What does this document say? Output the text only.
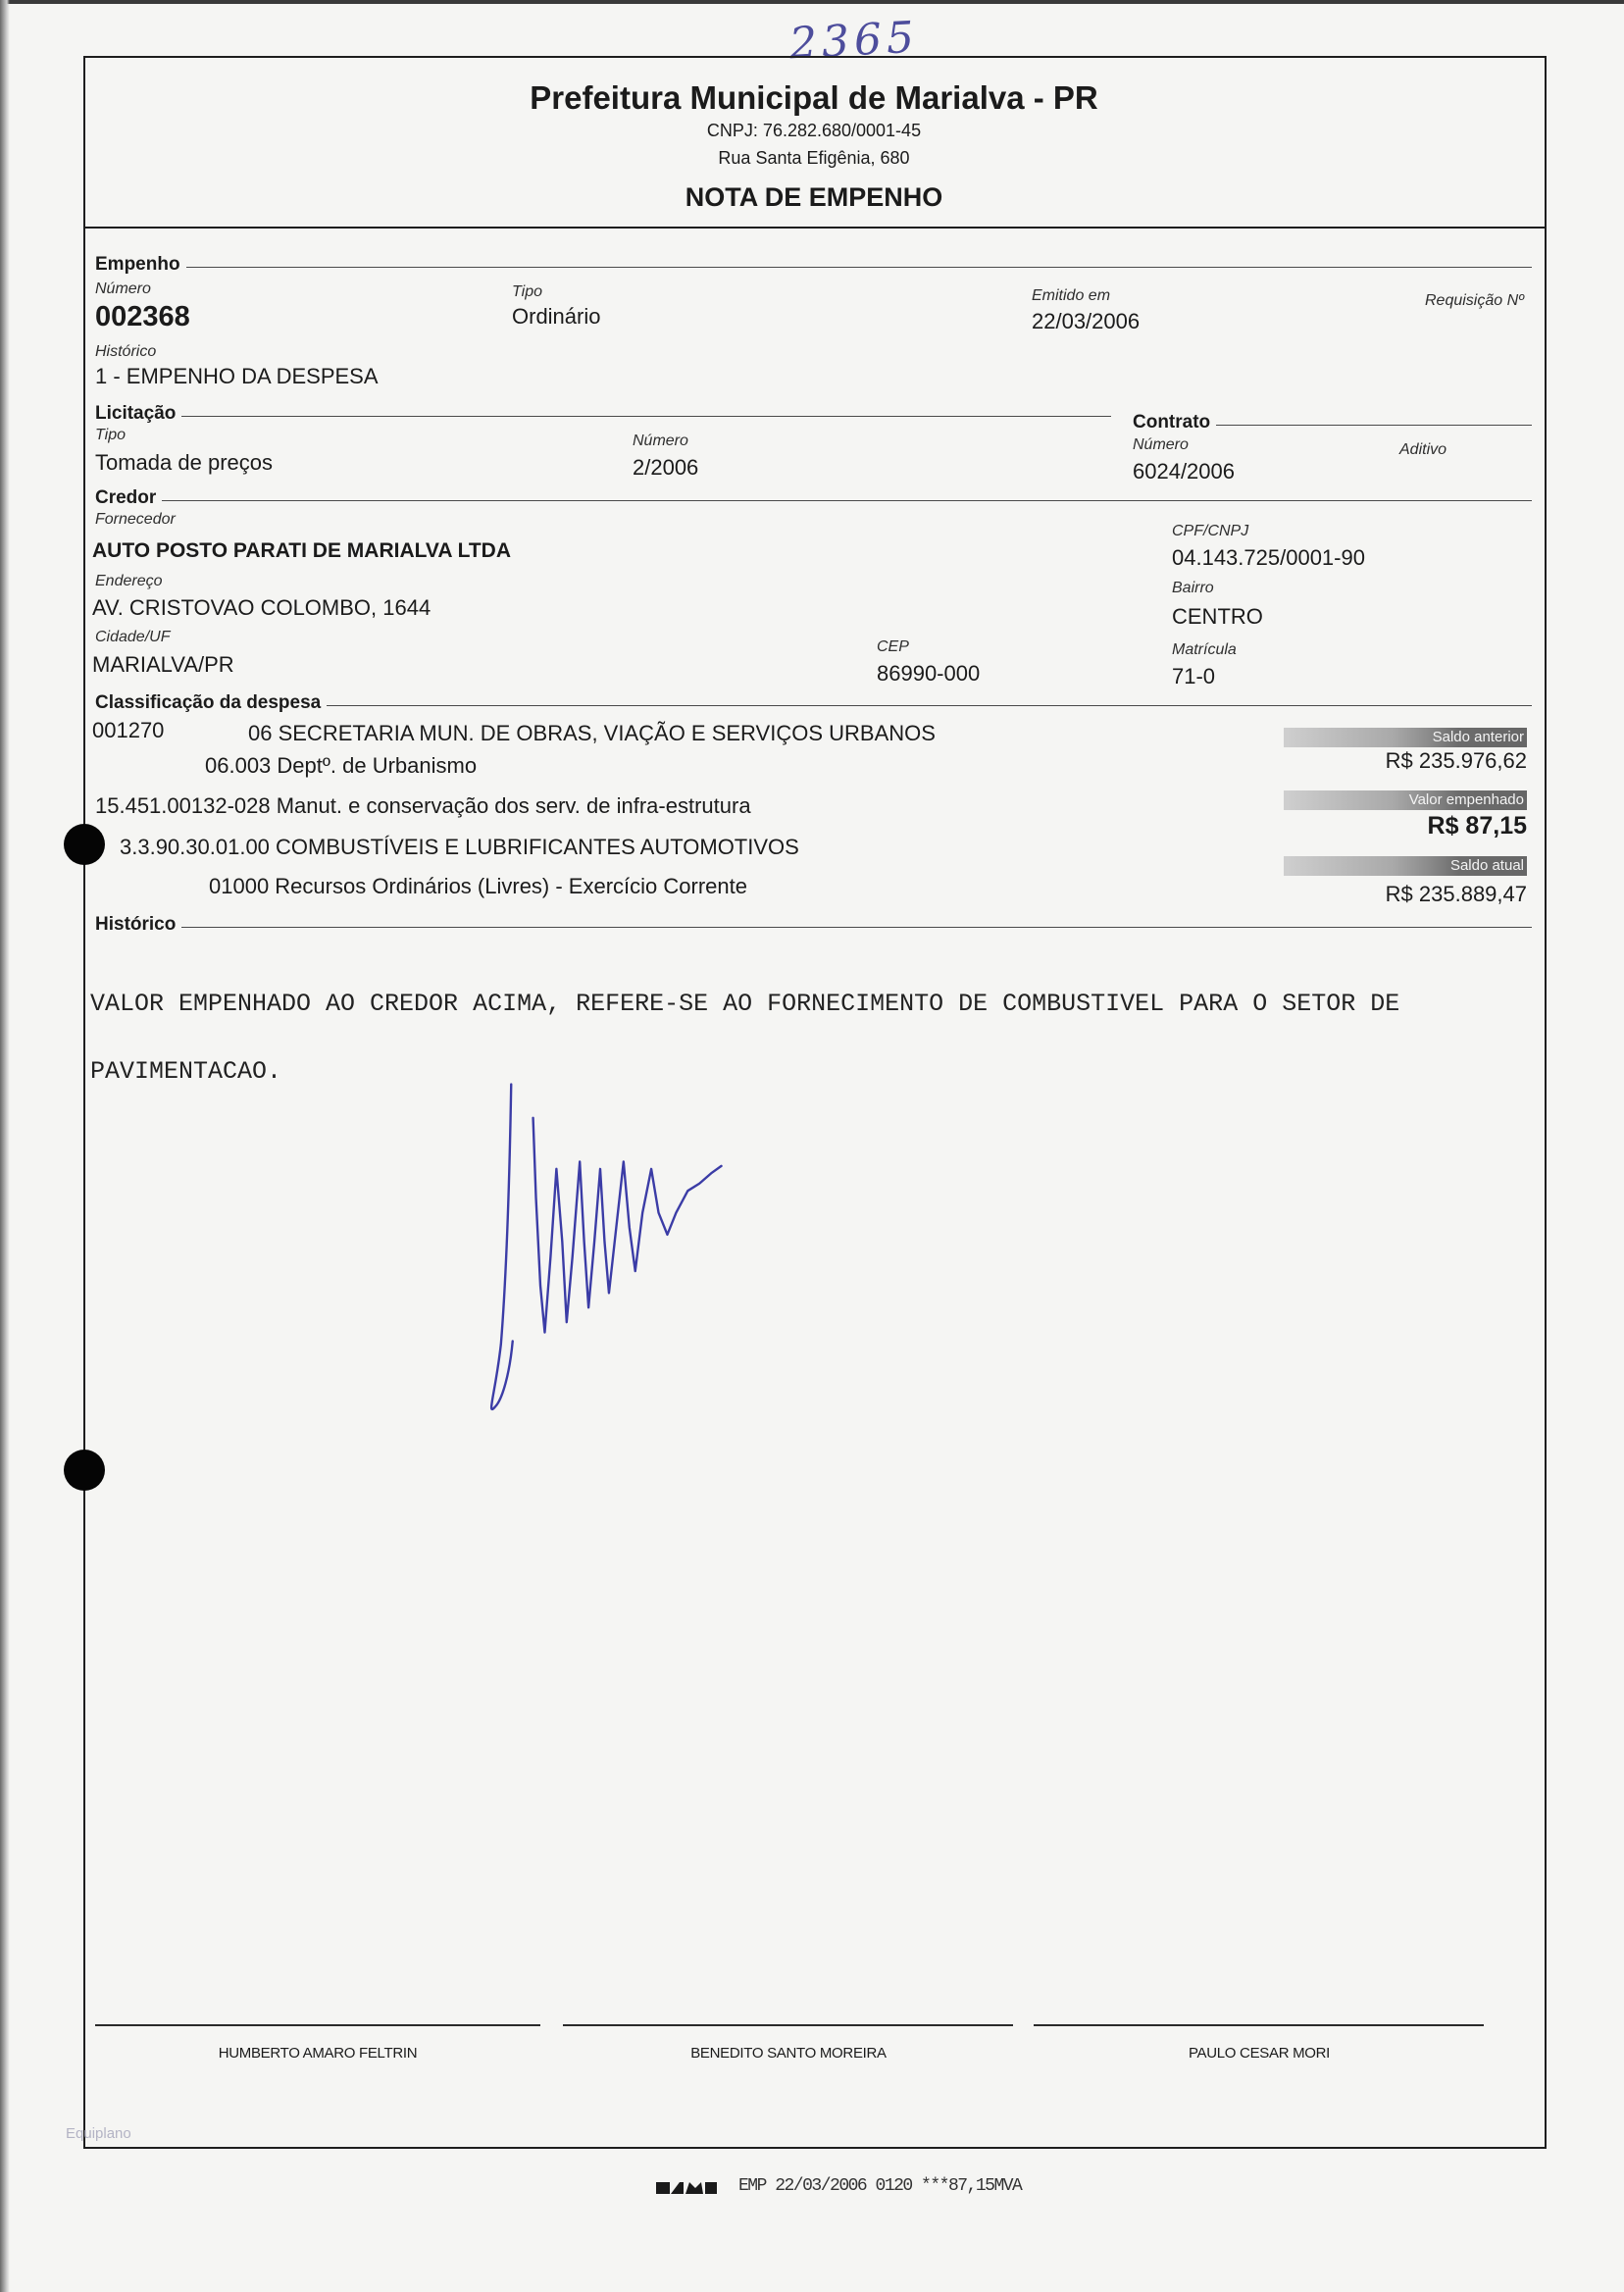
2365
Prefeitura Municipal de Marialva - PR
CNPJ: 76.282.680/0001-45
Rua Santa Efigênia, 680
NOTA DE EMPENHO
Empenho
Número
002368
Tipo
Ordinário
Emitido em
22/03/2006
Requisição Nº
Histórico
1 - EMPENHO DA DESPESA
Licitação	Contrato
Tipo
Tomada de preços
Número
2/2006
Número
6024/2006
Aditivo
Credor
Fornecedor
AUTO POSTO PARATI DE MARIALVA LTDA
CPF/CNPJ
04.143.725/0001-90
Endereço
AV. CRISTOVAO COLOMBO, 1644
Bairro
CENTRO
Cidade/UF
MARIALVA/PR
CEP
86990-000
Matrícula
71-0
Classificação da despesa
001270	06 SECRETARIA MUN. DE OBRAS, VIAÇÃO E SERVIÇOS URBANOS
06.003 Deptº. de Urbanismo
15.451.00132-028 Manut. e conservação dos serv. de infra-estrutura
3.3.90.30.01.00 COMBUSTÍVEIS E LUBRIFICANTES AUTOMOTIVOS
01000 Recursos Ordinários (Livres) - Exercício Corrente
Saldo anterior
R$ 235.976,62
Valor empenhado
R$ 87,15
Saldo atual
R$ 235.889,47
Histórico

VALOR EMPENHADO AO CREDOR ACIMA, REFERE-SE AO FORNECIMENTO DE COMBUSTIVEL PARA O SETOR DE

PAVIMENTACAO.

HUMBERTO AMARO FELTRIN	BENEDITO SANTO MOREIRA	PAULO CESAR MORI
Equiplano
EMP 22/03/2006 0120 ***87,15MVA
